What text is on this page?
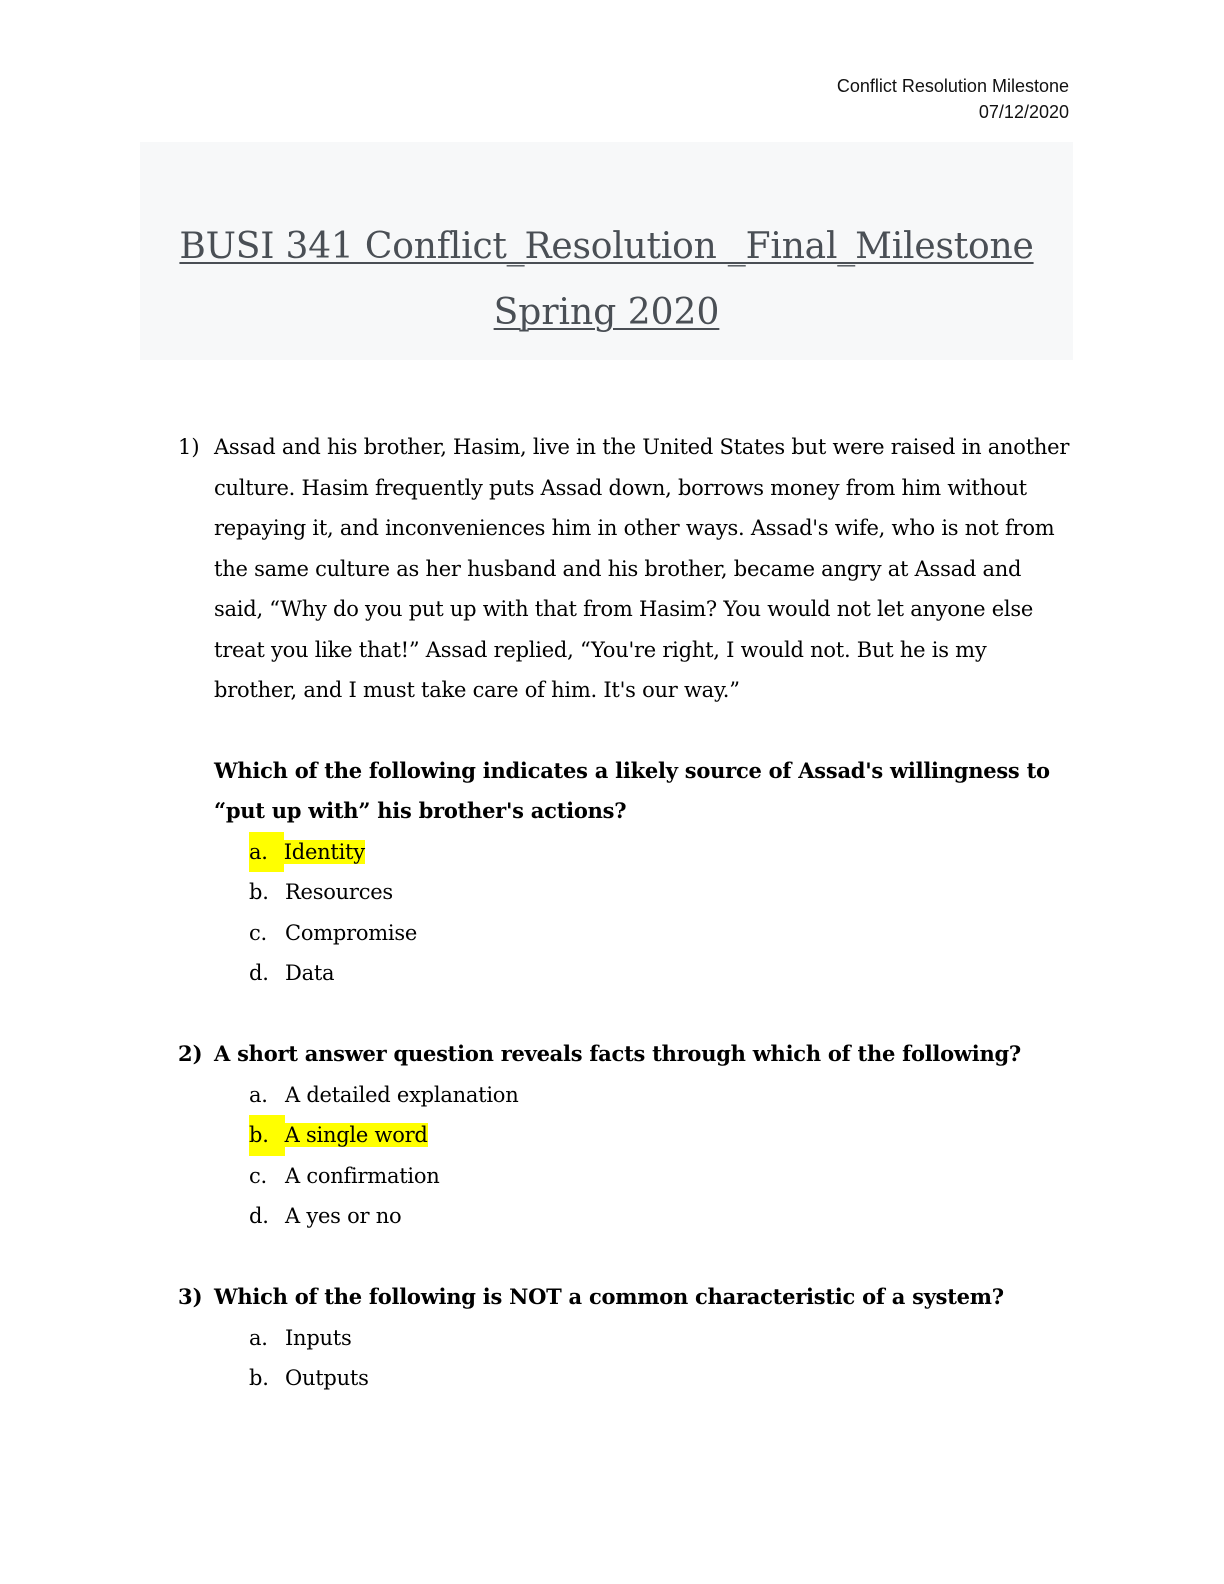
Conflict Resolution Milestone
07/12/2020
BUSI 341 Conflict_Resolution _Final_Milestone
Spring 2020
1) Assad and his brother, Hasim, live in the United States but were raised in another culture. Hasim frequently puts Assad down, borrows money from him without repaying it, and inconveniences him in other ways. Assad's wife, who is not from the same culture as her husband and his brother, became angry at Assad and said, “Why do you put up with that from Hasim? You would not let anyone else treat you like that!” Assad replied, “You're right, I would not. But he is my brother, and I must take care of him. It's our way.”

Which of the following indicates a likely source of Assad's willingness to “put up with” his brother's actions?

a. Identity
b. Resources
c. Compromise
d. Data
2) A short answer question reveals facts through which of the following?

a. A detailed explanation
b. A single word
c. A confirmation
d. A yes or no
3) Which of the following is NOT a common characteristic of a system?

a. Inputs
b. Outputs
